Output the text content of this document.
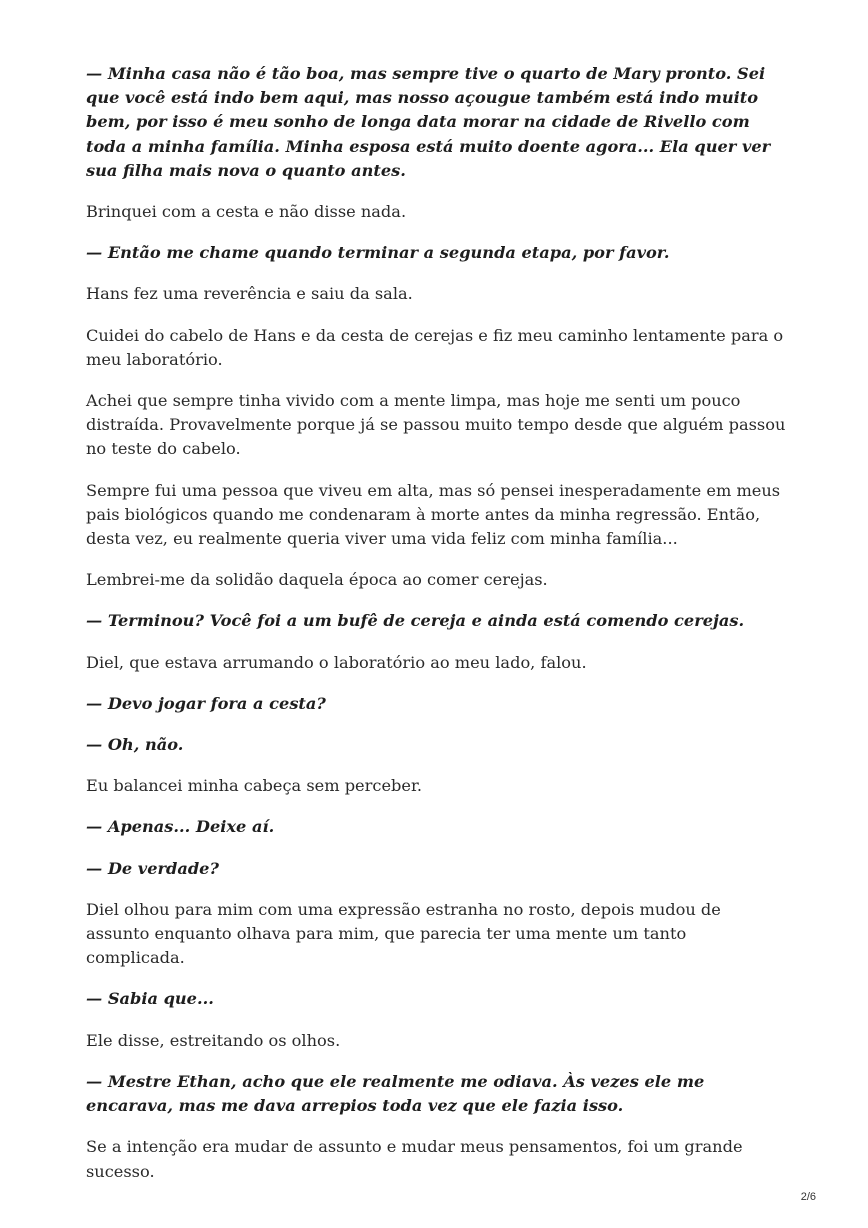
— Minha casa não é tão boa, mas sempre tive o quarto de Mary pronto. Sei que você está indo bem aqui, mas nosso açougue também está indo muito bem, por isso é meu sonho de longa data morar na cidade de Rivello com toda a minha família. Minha esposa está muito doente agora... Ela quer ver sua filha mais nova o quanto antes.

Brinquei com a cesta e não disse nada.

— Então me chame quando terminar a segunda etapa, por favor.

Hans fez uma reverência e saiu da sala.

Cuidei do cabelo de Hans e da cesta de cerejas e fiz meu caminho lentamente para o meu laboratório.

Achei que sempre tinha vivido com a mente limpa, mas hoje me senti um pouco distraída. Provavelmente porque já se passou muito tempo desde que alguém passou no teste do cabelo.

Sempre fui uma pessoa que viveu em alta, mas só pensei inesperadamente em meus pais biológicos quando me condenaram à morte antes da minha regressão. Então, desta vez, eu realmente queria viver uma vida feliz com minha família...

Lembrei-me da solidão daquela época ao comer cerejas.

— Terminou? Você foi a um bufê de cereja e ainda está comendo cerejas.

Diel, que estava arrumando o laboratório ao meu lado, falou.

— Devo jogar fora a cesta?

— Oh, não.

Eu balancei minha cabeça sem perceber.

— Apenas... Deixe aí.

— De verdade?

Diel olhou para mim com uma expressão estranha no rosto, depois mudou de assunto enquanto olhava para mim, que parecia ter uma mente um tanto complicada.

— Sabia que...

Ele disse, estreitando os olhos.

— Mestre Ethan, acho que ele realmente me odiava. Às vezes ele me encarava, mas me dava arrepios toda vez que ele fazia isso.

Se a intenção era mudar de assunto e mudar meus pensamentos, foi um grande sucesso.

2/6
